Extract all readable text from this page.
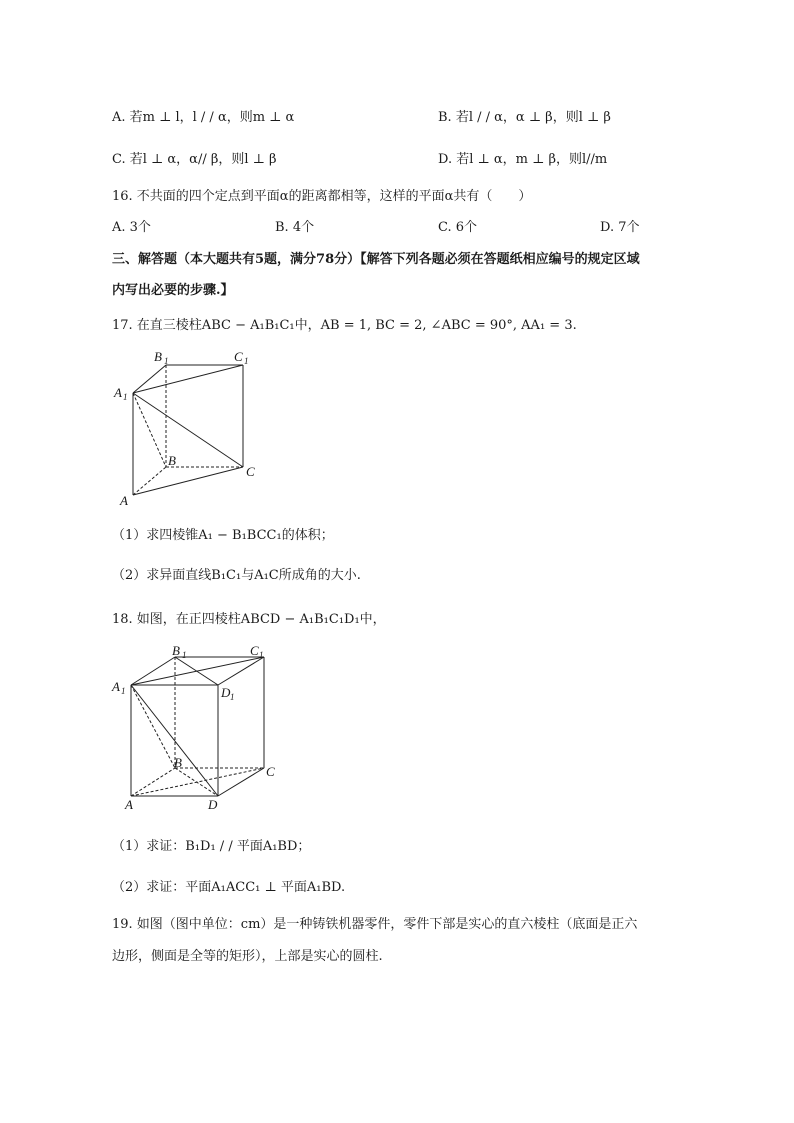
A. 若m ⊥ l，l / / α，则m ⊥ α	B. 若l / / α，α ⊥ β，则l ⊥ β
C. 若l ⊥ α，α// β，则l ⊥ β	D. 若l ⊥ α，m ⊥ β，则l//m
16. 不共面的四个定点到平面α的距离都相等，这样的平面α共有（　　）
A. 3个	B. 4个	C. 6个	D. 7个
三、解答题（本大题共有5题，满分78分）【解答下列各题必须在答题纸相应编号的规定区域
内写出必要的步骤.】
17. 在直三棱柱ABC − A₁B₁C₁中，AB = 1, BC = 2, ∠ABC = 90°, AA₁ = 3.
B 1	C 1
A 1
B
C
A
（1）求四棱锥A₁ − B₁BCC₁的体积；
（2）求异面直线B₁C₁与A₁C所成角的大小.
18. 如图，在正四棱柱ABCD − A₁B₁C₁D₁中，
B 1	C 1
A 1	D 1
B
C
A	D
（1）求证：B₁D₁ / / 平面A₁BD；
（2）求证：平面A₁ACC₁ ⊥ 平面A₁BD.
19. 如图（图中单位：cm）是一种铸铁机器零件，零件下部是实心的直六棱柱（底面是正六
边形，侧面是全等的矩形），上部是实心的圆柱.
